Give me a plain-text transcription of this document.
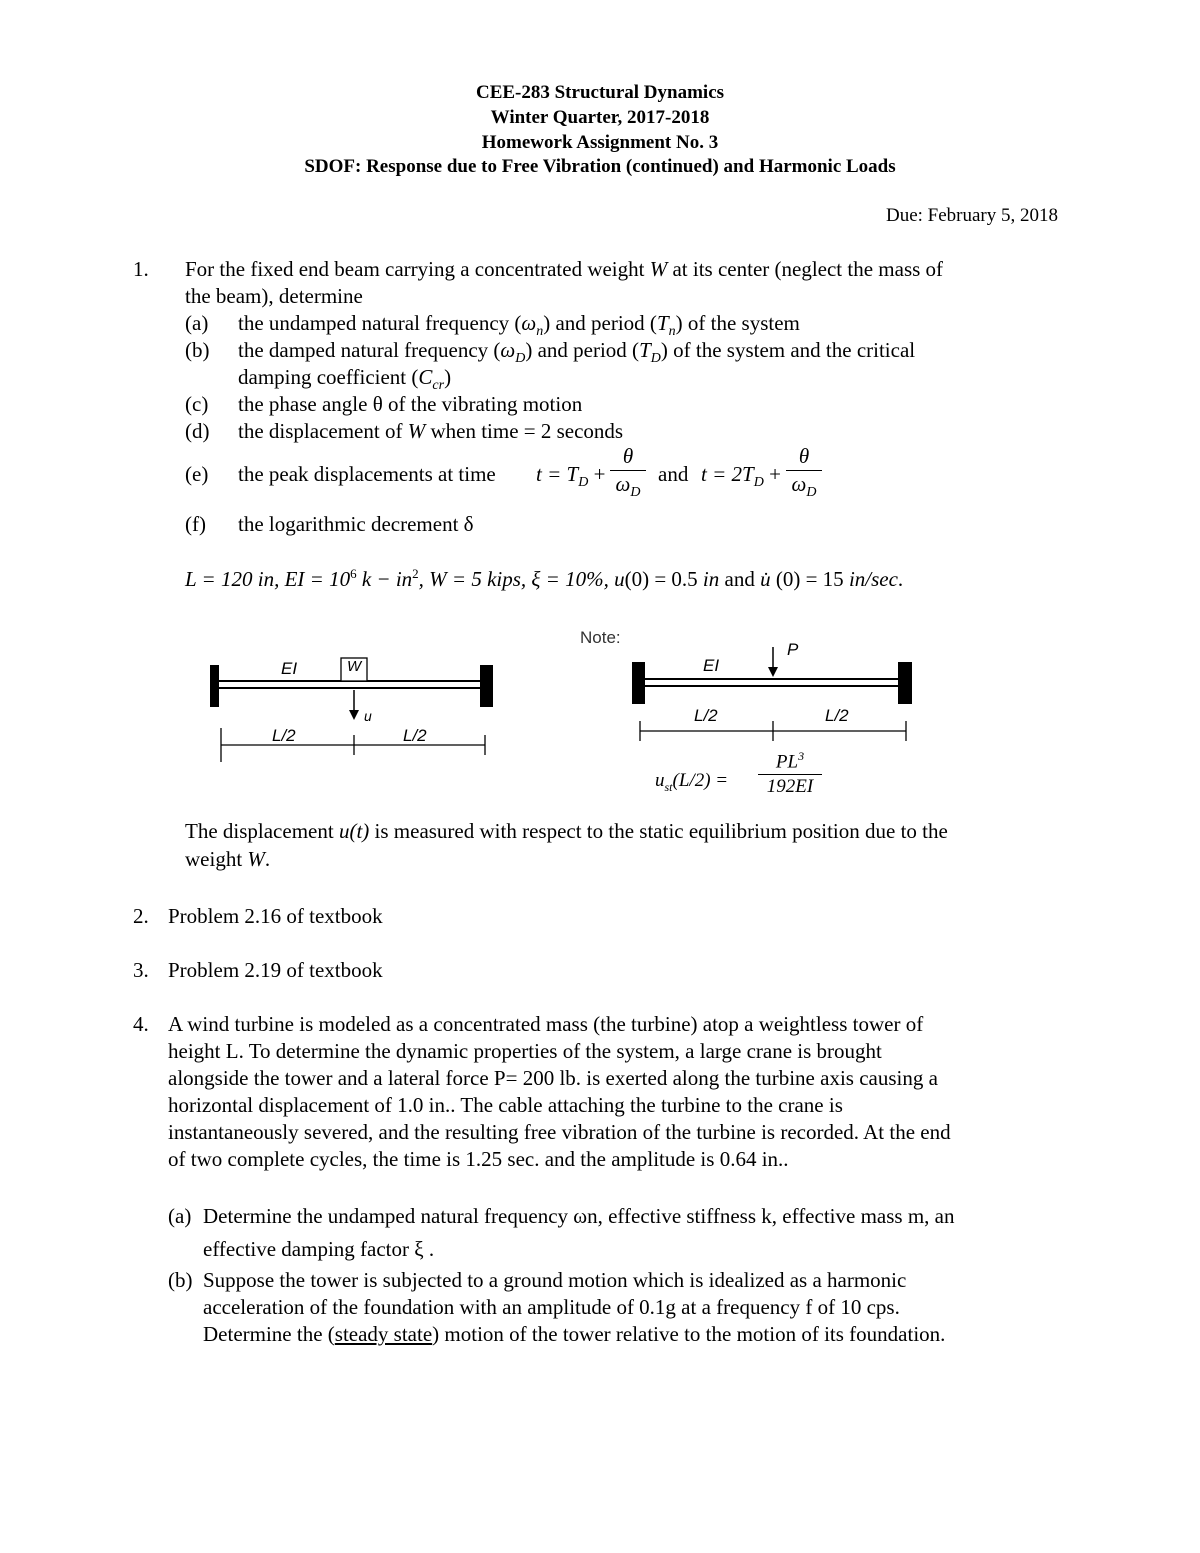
CEE-283 Structural Dynamics
Winter Quarter, 2017-2018
Homework Assignment No. 3
SDOF: Response due to Free Vibration (continued) and Harmonic Loads
Due: February 5, 2018
1. For the fixed end beam carrying a concentrated weight W at its center (neglect the mass of
the beam), determine
(a) the undamped natural frequency $(\omega_n)$ and period $(T_n)$ of the system
(b) the damped natural frequency $(\omega_D)$ and period $(T_D)$ of the system and the critical
damping coefficient $(C_{cr})$
(c) the phase angle θ of the vibrating motion
(d) the displacement of W when time = 2 seconds
(e) the peak displacements at time $t = T_D$ +
θ
$\omega_D$
and $t = 2T_D$ +
θ
$\omega_D$
(f) the logarithmic decrement δ
L = 120 in, EI = $10^6$ $k - in^2$, W = 5 kips, ξ = 10%, u(0) = 0.5 in and u̇ (0) = 15 in/sec.
EI	W
u
L/2	L/2
Note:
EI
P
L/2	L/2
$u_{st}(L/2)$ =
$PL^3$
192EI
The displacement u(t) is measured with respect to the static equilibrium position due to the
weight W.
2. Problem 2.16 of textbook
3. Problem 2.19 of textbook
4. A wind turbine is modeled as a concentrated mass (the turbine) atop a weightless tower of
height L. To determine the dynamic properties of the system, a large crane is brought
alongside the tower and a lateral force P= 200 lb. is exerted along the turbine axis causing a
horizontal displacement of 1.0 in.. The cable attaching the turbine to the crane is
instantaneously severed, and the resulting free vibration of the turbine is recorded. At the end
of two complete cycles, the time is 1.25 sec. and the amplitude is 0.64 in..
(a) Determine the undamped natural frequency ωn, effective stiffness k, effective mass m, an
effective damping factor ξ .
(b) Suppose the tower is subjected to a ground motion which is idealized as a harmonic
acceleration of the foundation with an amplitude of 0.1g at a frequency f of 10 cps.
Determine the (steady state) motion of the tower relative to the motion of its foundation.
